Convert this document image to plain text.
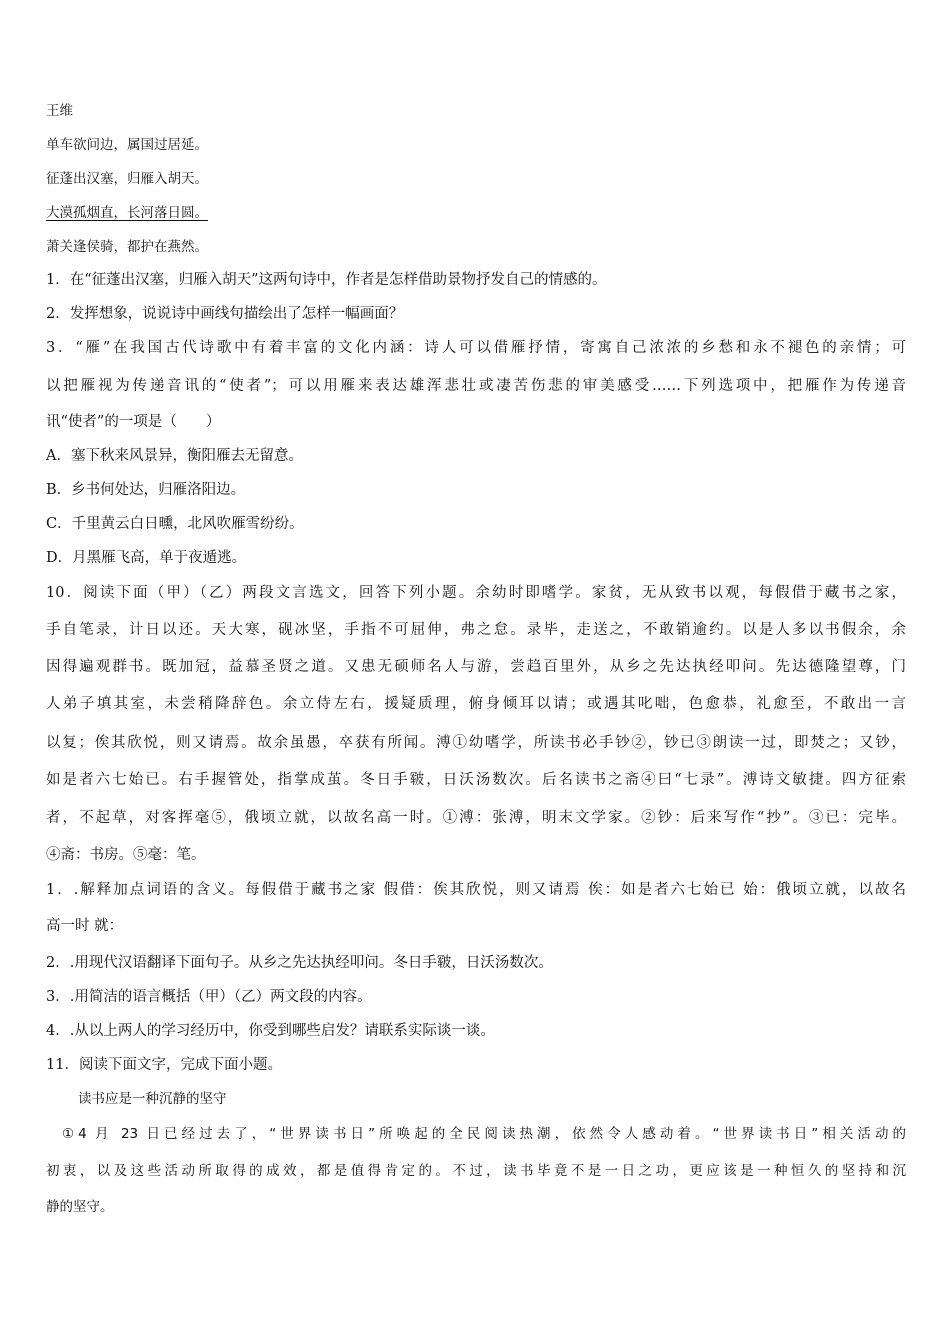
王维
单车欲问边，属国过居延。
征蓬出汉塞，归雁入胡天。
大漠孤烟直，长河落日圆。
萧关逢侯骑，都护在燕然。
1．在“征蓬出汉塞，归雁入胡天”这两句诗中，作者是怎样借助景物抒发自己的情感的。
2．发挥想象，说说诗中画线句描绘出了怎样一幅画面？
3．“雁”在我国古代诗歌中有着丰富的文化内涵：诗人可以借雁抒情，寄寓自己浓浓的乡愁和永不褪色的亲情；可
以把雁视为传递音讯的“使者”；可以用雁来表达雄浑悲壮或凄苦伤悲的审美感受……下列选项中，把雁作为传递音
讯“使者”的一项是（　　）
A．塞下秋来风景异，衡阳雁去无留意。
B．乡书何处达，归雁洛阳边。
C．千里黄云白日曛，北风吹雁雪纷纷。
D．月黑雁飞高，单于夜遁逃。
10．阅读下面（甲）（乙）两段文言选文，回答下列小题。余幼时即嗜学。家贫，无从致书以观，每假借于藏书之家，
手自笔录，计日以还。天大寒，砚冰坚，手指不可屈伸，弗之怠。录毕，走送之，不敢销逾约。以是人多以书假余，余
因得遍观群书。既加冠，益慕圣贤之道。又患无硕师名人与游，尝趋百里外，从乡之先达执经叩问。先达德隆望尊，门
人弟子填其室，未尝稍降辞色。余立侍左右，援疑质理，俯身倾耳以请；或遇其叱咄，色愈恭，礼愈至，不敢出一言
以复；俟其欣悦，则又请焉。故余虽愚，卒获有所闻。溥①幼嗜学，所读书必手钞②，钞已③朗读一过，即焚之；又钞，
如是者六七始已。右手握管处，指掌成茧。冬日手皲，日沃汤数次。后名读书之斋④曰“七录”。溥诗文敏捷。四方征索
者，不起草，对客挥毫⑤，俄顷立就，以故名高一时。①溥：张溥，明末文学家。②钞：后来写作“抄”。③已：完毕。
④斋：书房。⑤毫：笔。
1．.解释加点词语的含义。每假借于藏书之家 假借：俟其欣悦，则又请焉 俟：如是者六七始已 始：俄顷立就，以故名
高一时 就：
2．.用现代汉语翻译下面句子。从乡之先达执经叩问。冬日手皲，日沃汤数次。
3．.用简洁的语言概括（甲）（乙）两文段的内容。
4．.从以上两人的学习经历中，你受到哪些启发？请联系实际谈一谈。
11．阅读下面文字，完成下面小题。
读书应是一种沉静的坚守
①4 月 23 日已经过去了，“世界读书日”所唤起的全民阅读热潮，依然令人感动着。“世界读书日”相关活动的
初衷，以及这些活动所取得的成效，都是值得肯定的。不过，读书毕竟不是一日之功，更应该是一种恒久的坚持和沉
静的坚守。
